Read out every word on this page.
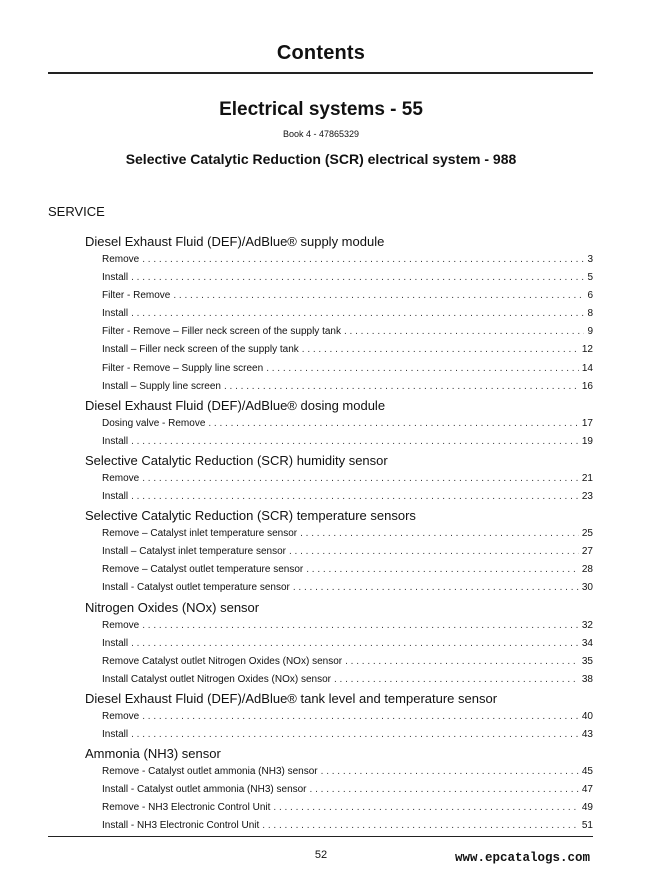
Contents
Electrical systems - 55
Book 4 - 47865329
Selective Catalytic Reduction (SCR) electrical system - 988
SERVICE
Diesel Exhaust Fluid (DEF)/AdBlue® supply module
Remove . . .	3
Install . . .	5
Filter - Remove . . .	6
Install . . .	8
Filter - Remove – Filler neck screen of the supply tank . . .	9
Install – Filler neck screen of the supply tank . . .	12
Filter - Remove – Supply line screen . . .	14
Install – Supply line screen . . .	16
Diesel Exhaust Fluid (DEF)/AdBlue® dosing module
Dosing valve - Remove . . .	17
Install . . .	19
Selective Catalytic Reduction (SCR) humidity sensor
Remove . . .	21
Install . . .	23
Selective Catalytic Reduction (SCR) temperature sensors
Remove – Catalyst inlet temperature sensor . . .	25
Install – Catalyst inlet temperature sensor . . .	27
Remove – Catalyst outlet temperature sensor . . .	28
Install - Catalyst outlet temperature sensor . . .	30
Nitrogen Oxides (NOx) sensor
Remove . . .	32
Install . . .	34
Remove Catalyst outlet Nitrogen Oxides (NOx) sensor . . .	35
Install Catalyst outlet Nitrogen Oxides (NOx) sensor . . .	38
Diesel Exhaust Fluid (DEF)/AdBlue® tank level and temperature sensor
Remove . . .	40
Install . . .	43
Ammonia (NH3) sensor
Remove - Catalyst outlet ammonia (NH3) sensor . . .	45
Install - Catalyst outlet ammonia (NH3) sensor . . .	47
Remove - NH3 Electronic Control Unit . . .	49
Install - NH3 Electronic Control Unit . . .	51
52	www.epcatalogs.com
